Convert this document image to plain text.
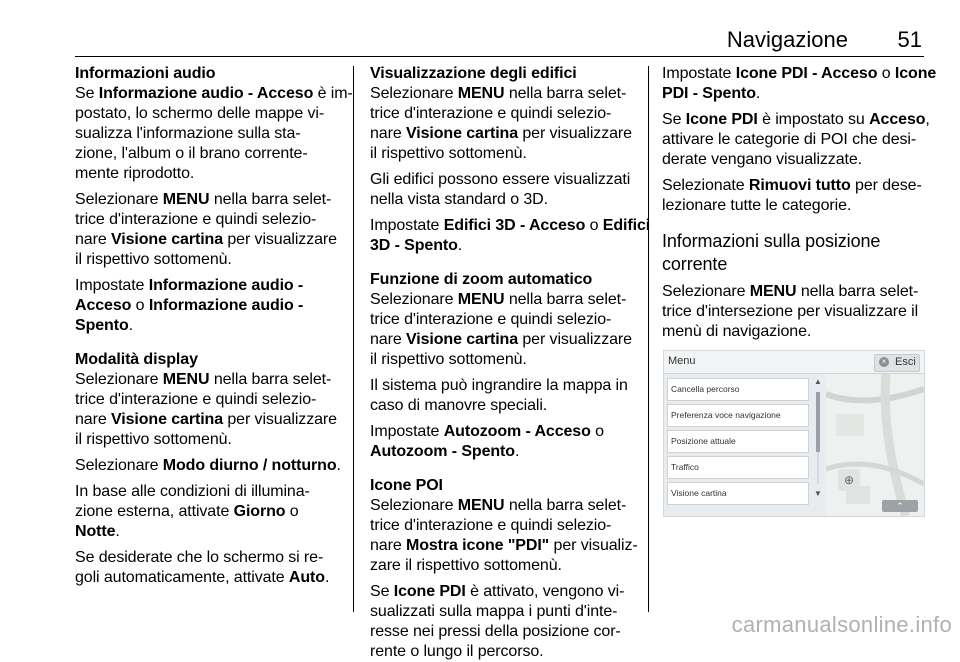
Navigazione 51
Informazioni audio
Se Informazione audio - Acceso è im-
postato, lo schermo delle mappe vi-
sualizza l'informazione sulla sta-
zione, l'album o il brano corrente-
mente riprodotto.
Selezionare MENU nella barra selet-
trice d'interazione e quindi selezio-
nare Visione cartina per visualizzare
il rispettivo sottomenù.
Impostate Informazione audio -
Acceso o Informazione audio -
Spento.
Modalità display
Selezionare MENU nella barra selet-
trice d'interazione e quindi selezio-
nare Visione cartina per visualizzare
il rispettivo sottomenù.
Selezionare Modo diurno / notturno.
In base alle condizioni di illumina-
zione esterna, attivate Giorno o
Notte.
Se desiderate che lo schermo si re-
goli automaticamente, attivate Auto.
Visualizzazione degli edifici
Selezionare MENU nella barra selet-
trice d'interazione e quindi selezio-
nare Visione cartina per visualizzare
il rispettivo sottomenù.
Gli edifici possono essere visualizzati
nella vista standard o 3D.
Impostate Edifici 3D - Acceso o Edifici
3D - Spento.
Funzione di zoom automatico
Selezionare MENU nella barra selet-
trice d'interazione e quindi selezio-
nare Visione cartina per visualizzare
il rispettivo sottomenù.
Il sistema può ingrandire la mappa in
caso di manovre speciali.
Impostate Autozoom - Acceso o
Autozoom - Spento.
Icone POI
Selezionare MENU nella barra selet-
trice d'interazione e quindi selezio-
nare Mostra icone "PDI" per visualiz-
zare il rispettivo sottomenù.
Se Icone PDI è attivato, vengono vi-
sualizzati sulla mappa i punti d'inte-
resse nei pressi della posizione cor-
rente o lungo il percorso.
Impostate Icone PDI - Acceso o Icone
PDI - Spento.
Se Icone PDI è impostato su Acceso,
attivare le categorie di POI che desi-
derate vengano visualizzate.
Selezionate Rimuovi tutto per dese-
lezionare tutte le categorie.
Informazioni sulla posizione
corrente
Selezionare MENU nella barra selet-
trice d'intersezione per visualizzare il
menù di navigazione.
Menu	× Esci
Cancella percorso
Preferenza voce navigazione
Posizione attuale
Traffico
Visione cartina
▲
▼
⊕
⌃
carmanualsonline.info
